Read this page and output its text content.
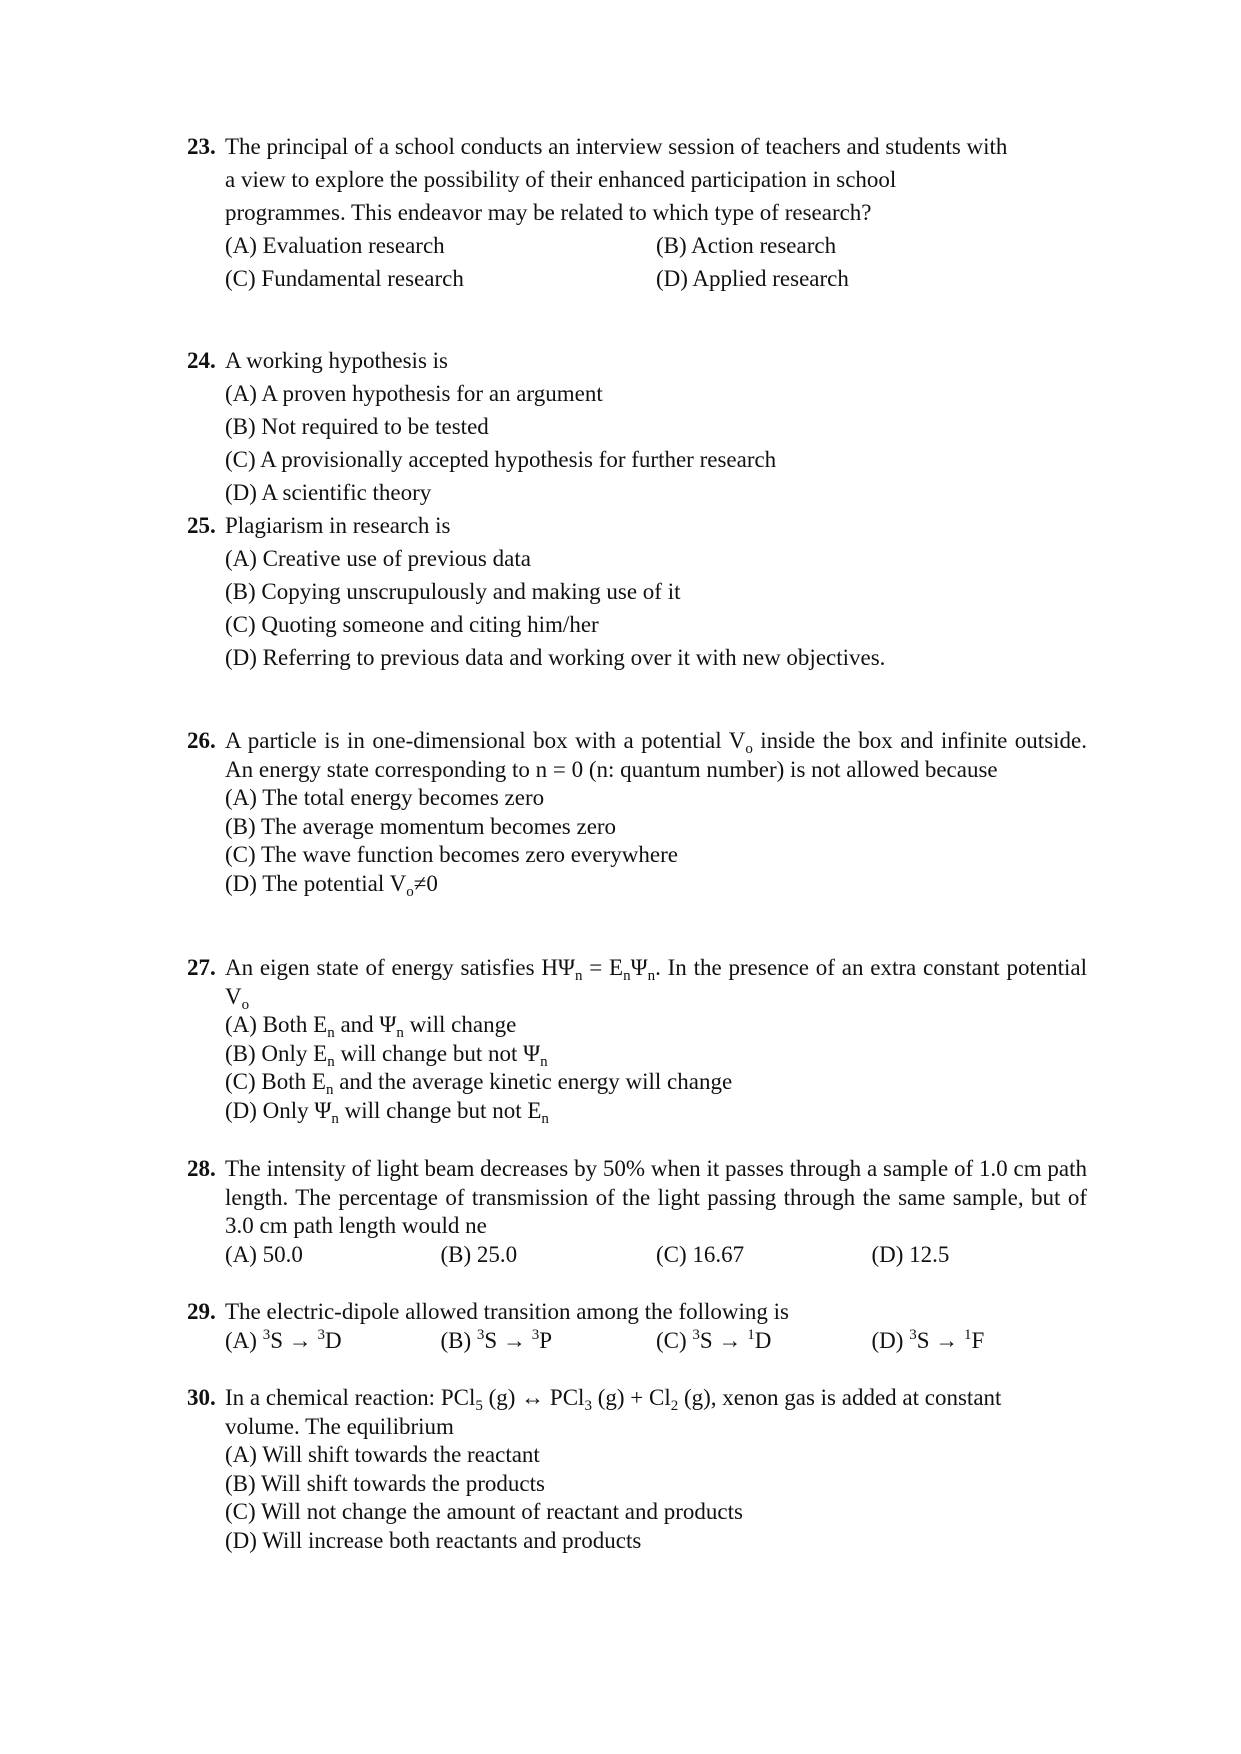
23. The principal of a school conducts an interview session of teachers and students with
a view to explore the possibility of their enhanced participation in school
programmes. This endeavor may be related to which type of research?
(A) Evaluation research	(B) Action research
(C) Fundamental research	(D) Applied research
24. A working hypothesis is
(A) A proven hypothesis for an argument
(B) Not required to be tested
(C) A provisionally accepted hypothesis for further research
(D) A scientific theory
25. Plagiarism in research is
(A) Creative use of previous data
(B) Copying unscrupulously and making use of it
(C) Quoting someone and citing him/her
(D) Referring to previous data and working over it with new objectives.
26. A particle is in one-dimensional box with a potential $V_o$ inside the box and infinite outside. An energy state corresponding to n = 0 (n: quantum number) is not allowed because
(A) The total energy becomes zero
(B) The average momentum becomes zero
(C) The wave function becomes zero everywhere
(D) The potential $V_o\ne 0$
27. An eigen state of energy satisfies $H\Psi_n = E_n\Psi_n$. In the presence of an extra constant potential $V_o$
(A) Both $E_n$ and $\Psi_n$ will change
(B) Only $E_n$ will change but not $\Psi_n$
(C) Both $E_n$ and the average kinetic energy will change
(D) Only $\Psi_n$ will change but not $E_n$
28. The intensity of light beam decreases by 50% when it passes through a sample of 1.0 cm path length. The percentage of transmission of the light passing through the same sample, but of 3.0 cm path length would ne
(A) 50.0	(B) 25.0	(C) 16.67	(D) 12.5
29. The electric-dipole allowed transition among the following is
(A) $^3$S → $^3$D	(B) $^3$S → $^3$P	(C) $^3$S → $^1$D	(D) $^3$S → $^1$F
30. In a chemical reaction: PCl$_5$ (g) ↔ PCl$_3$ $(g) + Cl_2$ (g), xenon gas is added at constant
volume. The equilibrium
(A) Will shift towards the reactant
(B) Will shift towards the products
(C) Will not change the amount of reactant and products
(D) Will increase both reactants and products
